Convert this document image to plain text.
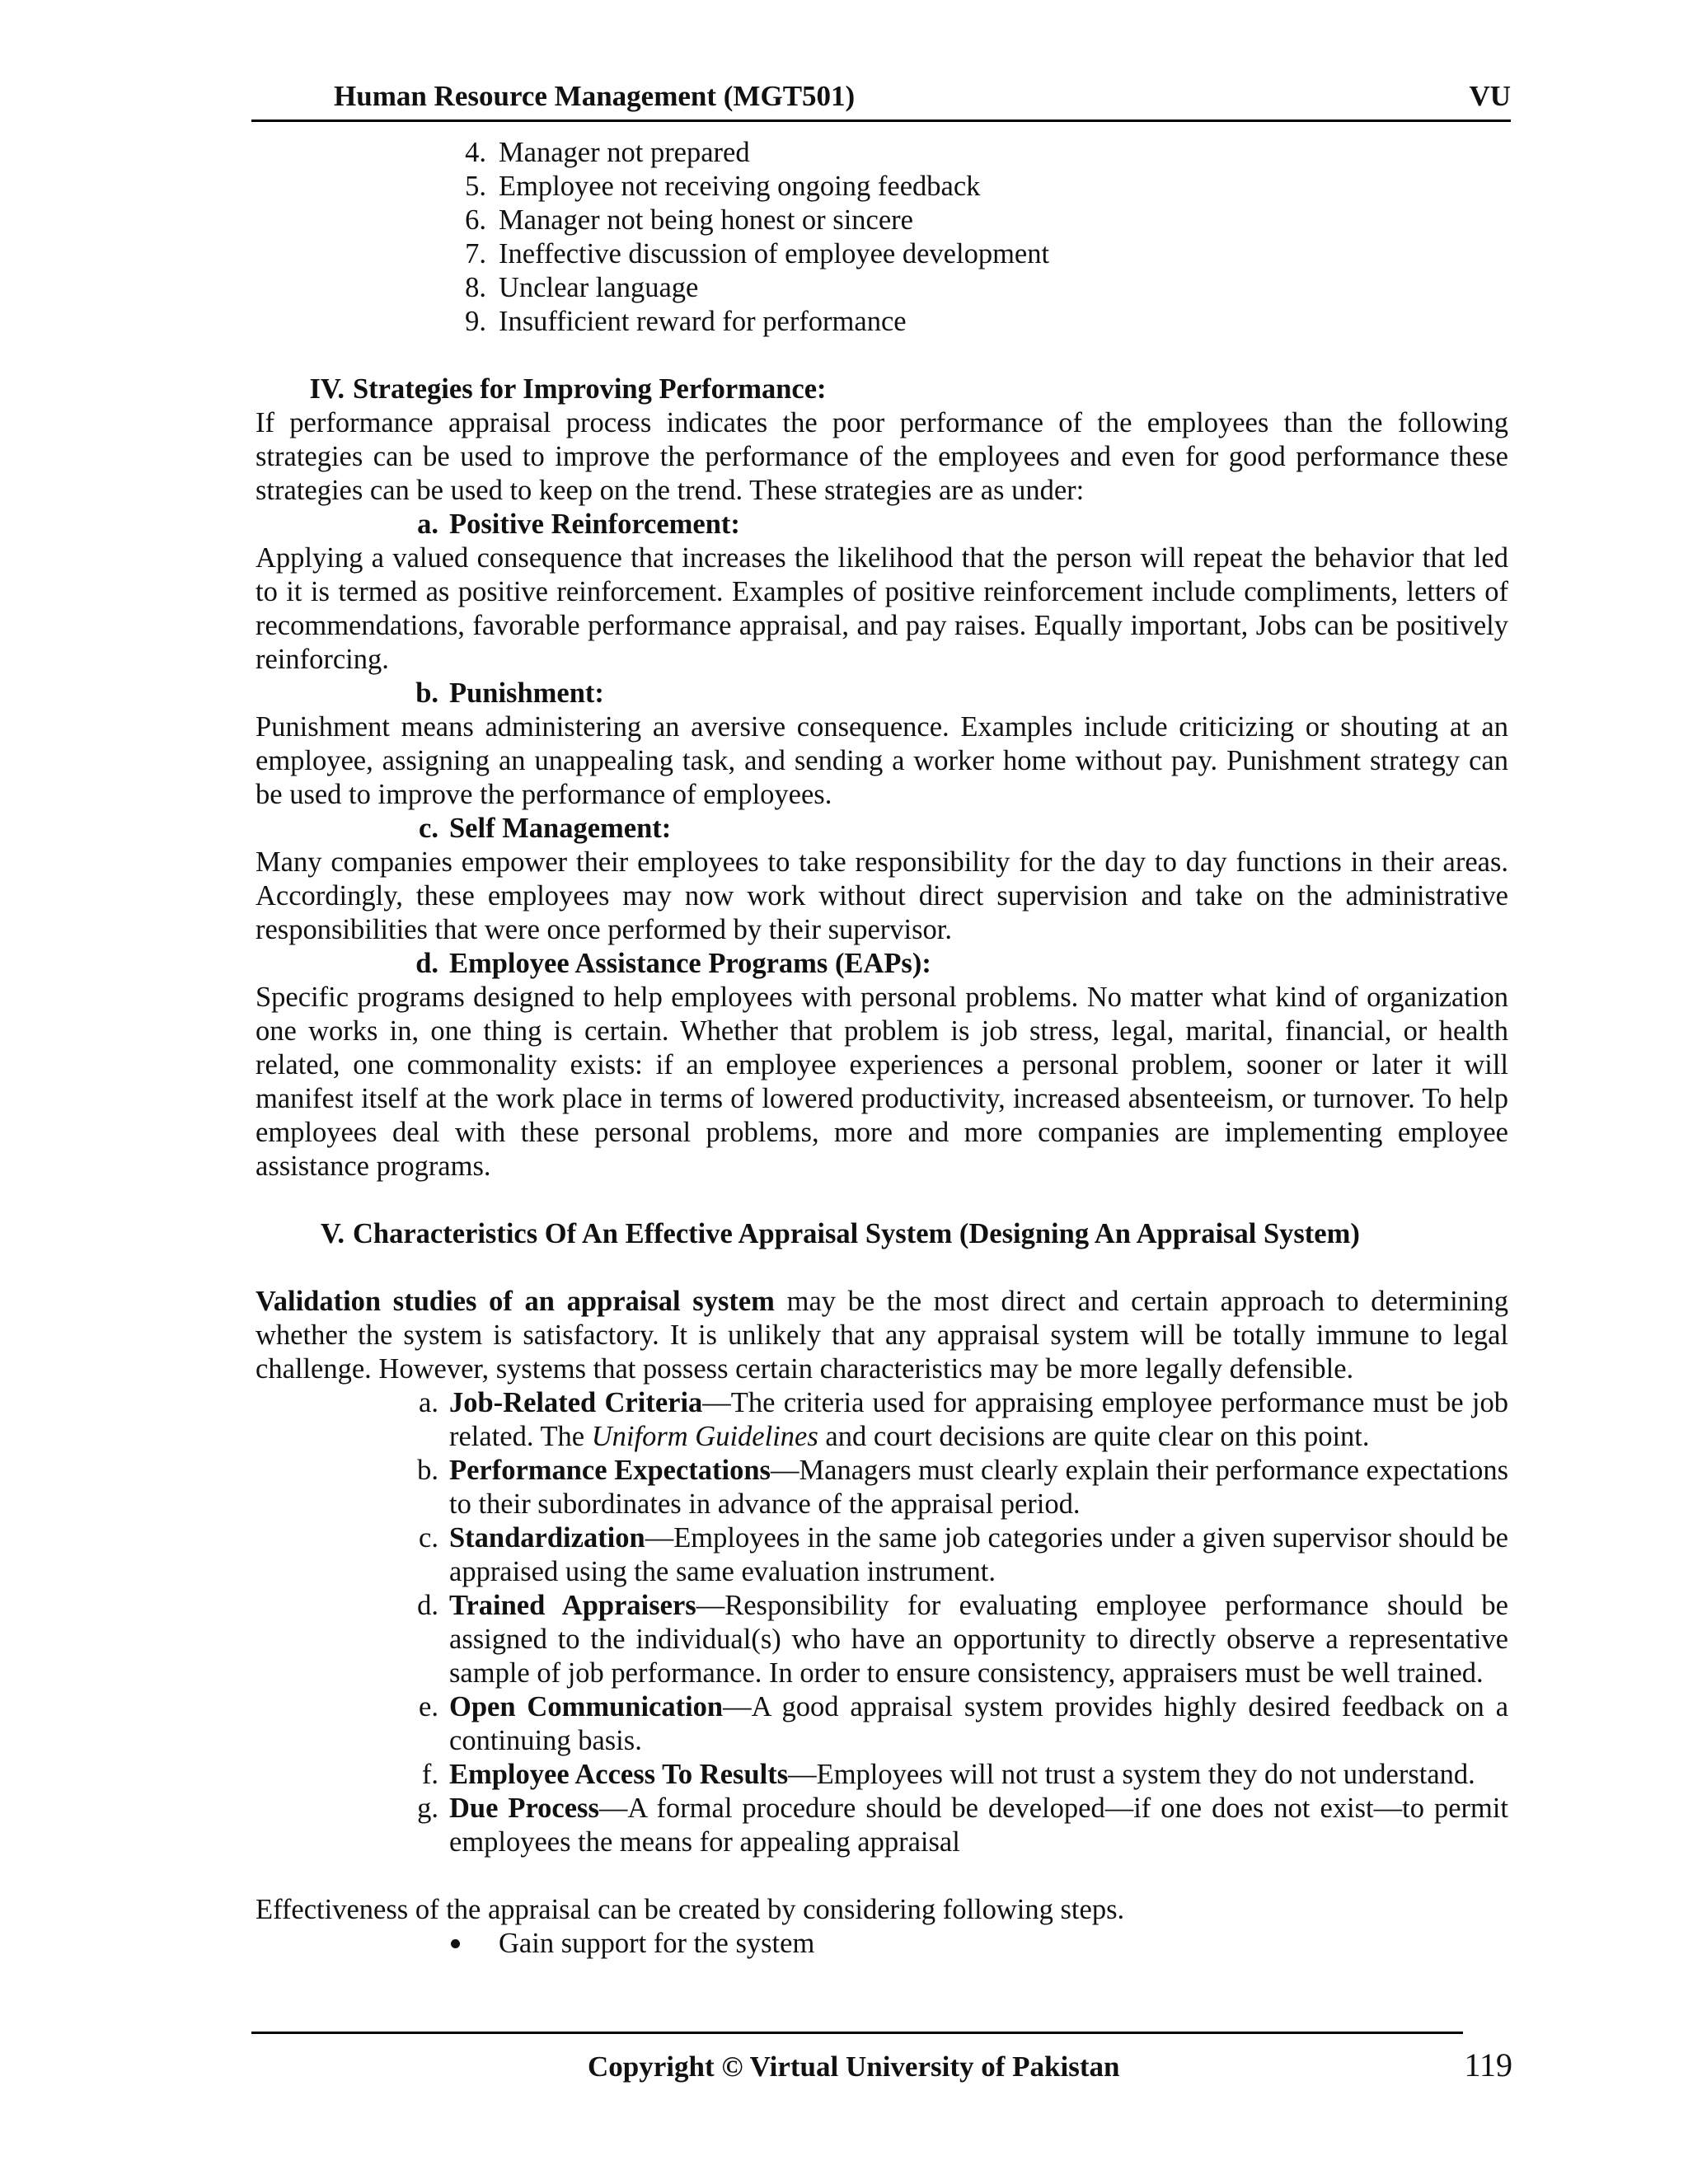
Human Resource Management (MGT501)	VU
4. Manager not prepared
5. Employee not receiving ongoing feedback
6. Manager not being honest or sincere
7. Ineffective discussion of employee development
8. Unclear language
9. Insufficient reward for performance
IV. Strategies for Improving Performance:

If performance appraisal process indicates the poor performance of the employees than the following strategies can be used to improve the performance of the employees and even for good performance these strategies can be used to keep on the trend. These strategies are as under:

a. Positive Reinforcement:

Applying a valued consequence that increases the likelihood that the person will repeat the behavior that led to it is termed as positive reinforcement. Examples of positive reinforcement include compliments, letters of recommendations, favorable performance appraisal, and pay raises. Equally important, Jobs can be positively reinforcing.

b. Punishment:

Punishment means administering an aversive consequence. Examples include criticizing or shouting at an employee, assigning an unappealing task, and sending a worker home without pay. Punishment strategy can be used to improve the performance of employees.

c. Self Management:

Many companies empower their employees to take responsibility for the day to day functions in their areas. Accordingly, these employees may now work without direct supervision and take on the administrative responsibilities that were once performed by their supervisor.

d. Employee Assistance Programs (EAPs):

Specific programs designed to help employees with personal problems. No matter what kind of organization one works in, one thing is certain. Whether that problem is job stress, legal, marital, financial, or health related, one commonality exists: if an employee experiences a personal problem, sooner or later it will manifest itself at the work place in terms of lowered productivity, increased absenteeism, or turnover. To help employees deal with these personal problems, more and more companies are implementing employee assistance programs.

V. Characteristics Of An Effective Appraisal System (Designing An Appraisal System)

Validation studies of an appraisal system may be the most direct and certain approach to determining whether the system is satisfactory. It is unlikely that any appraisal system will be totally immune to legal challenge. However, systems that possess certain characteristics may be more legally defensible.

a. Job-Related Criteria—The criteria used for appraising employee performance must be job related. The Uniform Guidelines and court decisions are quite clear on this point.
b. Performance Expectations—Managers must clearly explain their performance expectations to their subordinates in advance of the appraisal period.
c. Standardization—Employees in the same job categories under a given supervisor should be appraised using the same evaluation instrument.
d. Trained Appraisers—Responsibility for evaluating employee performance should be assigned to the individual(s) who have an opportunity to directly observe a representative sample of job performance. In order to ensure consistency, appraisers must be well trained.
e. Open Communication—A good appraisal system provides highly desired feedback on a continuing basis.
f. Employee Access To Results—Employees will not trust a system they do not understand.
g. Due Process—A formal procedure should be developed—if one does not exist—to permit employees the means for appealing appraisal

Effectiveness of the appraisal can be created by considering following steps.

Gain support for the system
Copyright © Virtual University of Pakistan	119
